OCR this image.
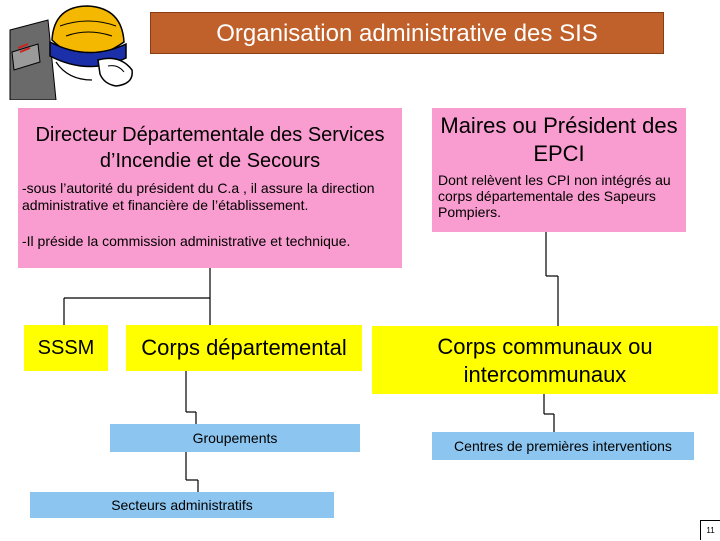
Organisation administrative des SIS
Directeur Départementale des Services d’Incendie et de Secours
-sous l’autorité du président du C.a , il assure la direction administrative et financière de l’établissement.
-Il préside la commission administrative et technique.
Maires ou Président des EPCI
Dont relèvent les CPI non intégrés au corps départementale des Sapeurs Pompiers.
SSSM	Corps départemental	Corps communaux ou intercommunaux
Groupements	Centres de premières interventions
Secteurs administratifs
11
